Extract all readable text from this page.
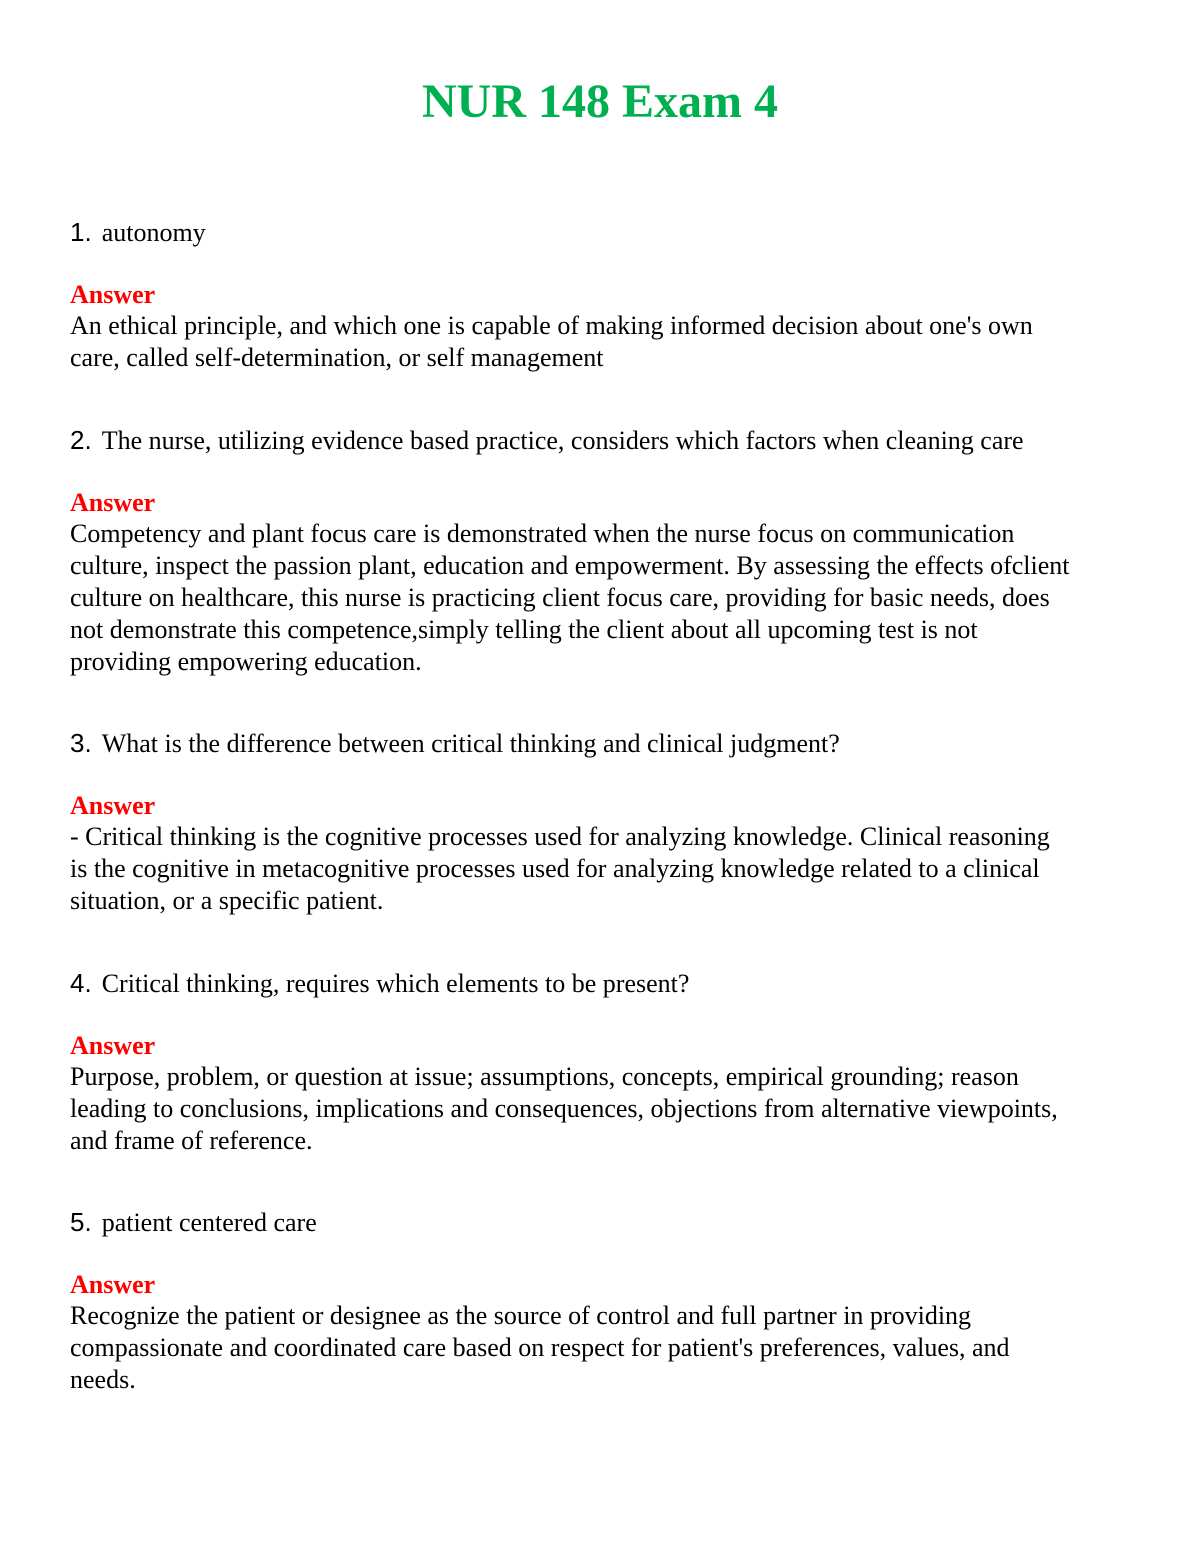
NUR 148 Exam 4

1. autonomy

Answer

An ethical principle, and which one is capable of making informed decision about one's own
care, called self-determination, or self management

2. The nurse, utilizing evidence based practice, considers which factors when cleaning care

Answer

Competency and plant focus care is demonstrated when the nurse focus on communication
culture, inspect the passion plant, education and empowerment. By assessing the effects ofclient
culture on healthcare, this nurse is practicing client focus care, providing for basic needs, does
not demonstrate this competence,simply telling the client about all upcoming test is not
providing empowering education.

3. What is the difference between critical thinking and clinical judgment?

Answer

- Critical thinking is the cognitive processes used for analyzing knowledge. Clinical reasoning
is the cognitive in metacognitive processes used for analyzing knowledge related to a clinical
situation, or a specific patient.

4. Critical thinking, requires which elements to be present?

Answer

Purpose, problem, or question at issue; assumptions, concepts, empirical grounding; reason
leading to conclusions, implications and consequences, objections from alternative viewpoints,
and frame of reference.

5. patient centered care

Answer

Recognize the patient or designee as the source of control and full partner in providing
compassionate and coordinated care based on respect for patient's preferences, values, and
needs.
